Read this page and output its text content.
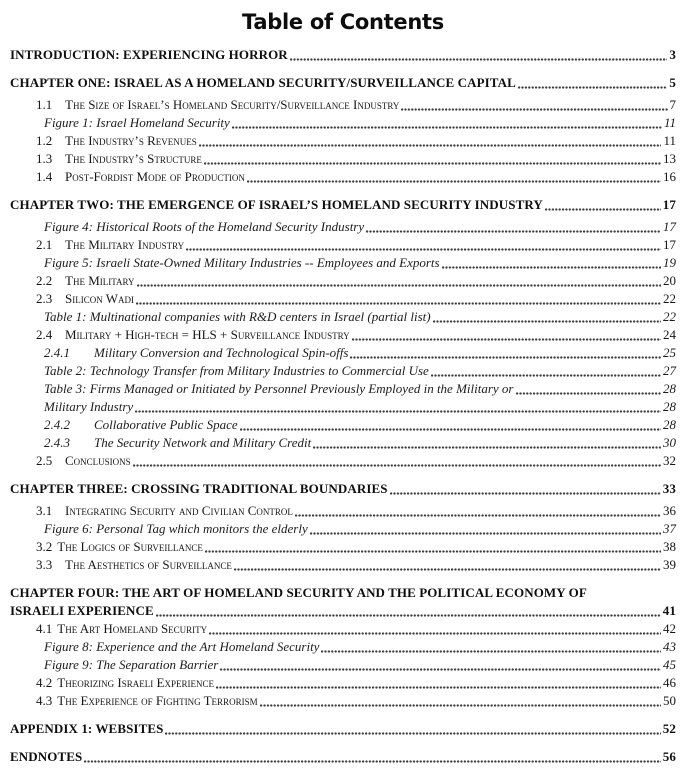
Table of Contents
INTRODUCTION: EXPERIENCING HORROR	3
CHAPTER ONE: ISRAEL AS A HOMELAND SECURITY/SURVEILLANCE CAPITAL	5
1.1 The Size of Israel’s Homeland Security/Surveillance Industry	7
Figure 1: Israel Homeland Security	11
1.2 The Industry’s Revenues	11
1.3 The Industry’s Structure	13
1.4 Post-Fordist Mode of Production	16
CHAPTER TWO: THE EMERGENCE OF ISRAEL’S HOMELAND SECURITY INDUSTRY	17
Figure 4: Historical Roots of the Homeland Security Industry	17
2.1 The Military Industry	17
Figure 5: Israeli State-Owned Military Industries -- Employees and Exports	19
2.2 The Military	20
2.3 Silicon Wadi	22
Table 1: Multinational companies with R&D centers in Israel (partial list)	22
2.4 Military + High-tech = HLS + Surveillance Industry	24
2.4.1	Military Conversion and Technological Spin-offs	25
Table 2: Technology Transfer from Military Industries to Commercial Use	27
Table 3: Firms Managed or Initiated by Personnel Previously Employed in the Military or	28
Military Industry	28
2.4.2	Collaborative Public Space	28
2.4.3	The Security Network and Military Credit	30
2.5 Conclusions	32
CHAPTER THREE: CROSSING TRADITIONAL BOUNDARIES	33
3.1 Integrating Security and Civilian Control	36
Figure 6: Personal Tag which monitors the elderly	37
3.2 The Logics of Surveillance	38
3.3 The Aesthetics of Surveillance	39
CHAPTER FOUR: THE ART OF HOMELAND SECURITY AND THE POLITICAL ECONOMY OF
ISRAELI EXPERIENCE	41
4.1 The Art Homeland Security	42
Figure 8: Experience and the Art Homeland Security	43
Figure 9: The Separation Barrier	45
4.2 Theorizing Israeli Experience	46
4.3 The Experience of Fighting Terrorism	50
APPENDIX 1: WEBSITES	52
ENDNOTES	56
